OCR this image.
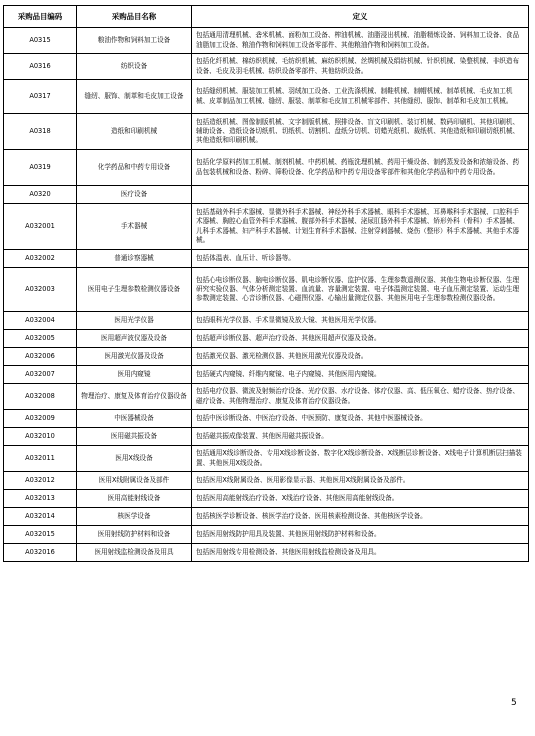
采购品目编码	采购品目名称	定义
A0315	粮油作物和饲料加工设备	包括通用清理机械、砻米机械、面粉加工设备、榨油机械、油脂浸出机械、油脂精炼设备、饲料加工设备、食品油脂加工设备、粮油作物和饲料加工设备零部件、其他粮油作物和饲料加工设备。
A0316	纺织设备	包括化纤机械、棉纺织机械、毛纺织机械、麻纺织机械、丝绸机械及绢纺机械、针织机械、染整机械、非织造布设备、毛皮及羽毛机械、纺织设备零部件、其他纺织设备。
A0317	缝纫、服饰、制革和毛皮加工设备	包括缝纫机械、服装加工机械、羽绒加工设备、工业洗涤机械、制鞋机械、制帽机械、制革机械、毛皮加工机械、皮革制品加工机械、缝纫、服装、制革和毛皮加工机械零部件、其他缝纫、服饰、制革和毛皮加工机械。
A0318	造纸和印刷机械	包括造纸机械、图像制版机械、文字制版机械、照排设备、盲文印刷机、装订机械、数码印刷机、其他印刷机、辅助设备、造纸设备切纸机、切纸机、切割机、盘纸分切机、切蜡光纸机、裁纸机、其他造纸和印刷切纸机械、其他造纸和印刷机械。
A0319	化学药品和中药专用设备	包括化学原料药加工机械、制剂机械、中药机械、药瓶洗理机械、药用干燥设备、制药蒸发设备和浓缩设备、药品包装机械和设备、粉碎、筛粉设备、化学药品和中药专用设备零部件和其他化学药品和中药专用设备。
A0320	医疗设备	
A032001	手术器械	包括基础外科手术器械、显微外科手术器械、神经外科手术器械、眼科手术器械、耳鼻喉科手术器械、口腔科手术器械、胸腔心血管外科手术器械、腹部外科手术器械、泌尿肛肠外科手术器械、矫形外科（骨科）手术器械、儿科手术器械、妇产科手术器械、计划生育科手术器械、注射穿刺器械、烧伤（整形）科手术器械、其他手术器械。
A032002	普通诊察器械	包括体温表、血压计、听诊器等。
A032003	医用电子生理参数检测仪器设备	包括心电诊断仪器、脑电诊断仪器、肌电诊断仪器、监护仪器、生理参数遥测仪器、其他生物电诊断仪器、生理研究实验仪器、气体分析测定装置、血流量、容量测定装置、电子体温测定装置、电子血压测定装置、运动生理参数测定装置、心音诊断仪器、心磁图仪器、心输出量测定仪器、其他医用电子生理参数检测仪器设备。
A032004	医用光学仪器	包括眼科光学仪器、手术显微镜及放大镜、其他医用光学仪器。
A032005	医用超声波仪器及设备	包括超声诊断仪器、超声治疗设备、其他医用超声仪器及设备。
A032006	医用激光仪器及设备	包括激光仪器、激光检测仪器、其他医用激光仪器及设备。
A032007	医用内窥镜	包括硬式内窥镜、纤维内窥镜、电子内窥镜、其他医用内窥镜。
A032008	物理治疗、康复及体育治疗仪器设备	包括电疗仪器、微波及射频治疗设备、光疗仪器、水疗设备、体疗仪器、高、低压氧仓、蜡疗设备、热疗设备、磁疗设备、其他物理治疗、康复及体育治疗仪器设备。
A032009	中医器械设备	包括中医诊断设备、中医治疗设备、中医预防、康复设备、其他中医器械设备。
A032010	医用磁共振设备	包括磁共振成像装置、其他医用磁共振设备。
A032011	医用X线设备	包括通用X线诊断设备、专用X线诊断设备、数字化X线诊断设备、X线断层诊断设备、X线电子计算机断层扫描装置、其他医用X线设备。
A032012	医用X线附属设备及部件	包括医用X线附属设备、医用影像显示器、其他医用X线附属设备及部件。
A032013	医用高能射线设备	包括医用高能射线治疗设备、X线治疗设备、其他医用高能射线设备。
A032014	核医学设备	包括核医学诊断设备、核医学治疗设备、医用核素检测设备、其他核医学设备。
A032015	医用射线防护材料和设备	包括医用射线防护用具及装置、其他医用射线防护材料和设备。
A032016	医用射线监检测设备及用具	包括医用射线专用检测设备、其他医用射线监检测设备及用具。
5
